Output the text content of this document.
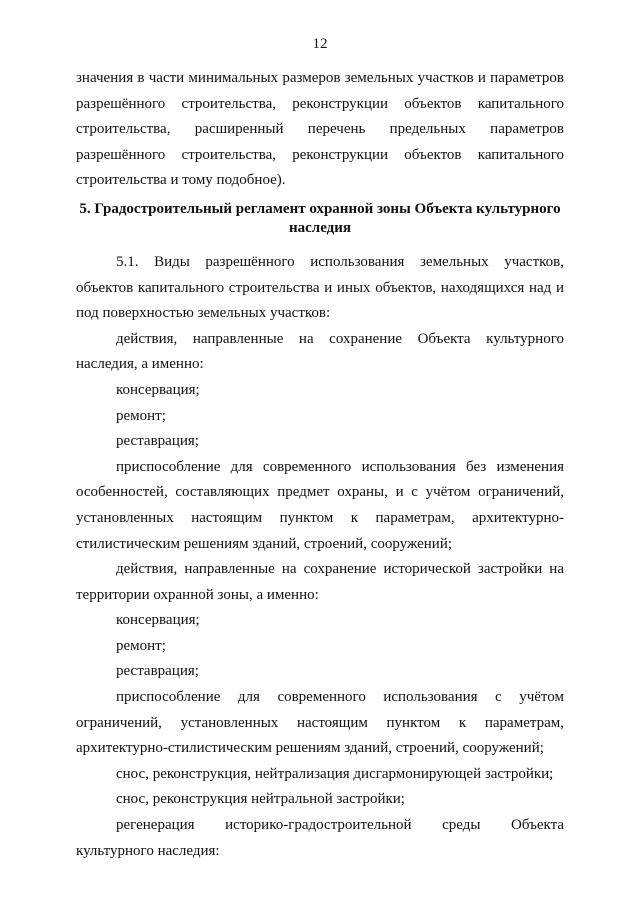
12

значения в части минимальных размеров земельных участков и параметров разрешённого строительства, реконструкции объектов капитального строительства, расширенный перечень предельных параметров разрешённого строительства, реконструкции объектов капитального строительства и тому подобное).

5. Градостроительный регламент охранной зоны Объекта культурного наследия

5.1. Виды разрешённого использования земельных участков, объектов капитального строительства и иных объектов, находящихся над и под поверхностью земельных участков:

действия, направленные на сохранение Объекта культурного наследия, а именно:

консервация;

ремонт;

реставрация;

приспособление для современного использования без изменения особенностей, составляющих предмет охраны, и с учётом ограничений, установленных настоящим пунктом к параметрам, архитектурно-стилистическим решениям зданий, строений, сооружений;

действия, направленные на сохранение исторической застройки на территории охранной зоны, а именно:

консервация;

ремонт;

реставрация;

приспособление для современного использования с учётом ограничений, установленных настоящим пунктом к параметрам, архитектурно-стилистическим решениям зданий, строений, сооружений;

снос, реконструкция, нейтрализация дисгармонирующей застройки;

снос, реконструкция нейтральной застройки;

регенерация историко-градостроительной среды Объекта культурного наследия:
